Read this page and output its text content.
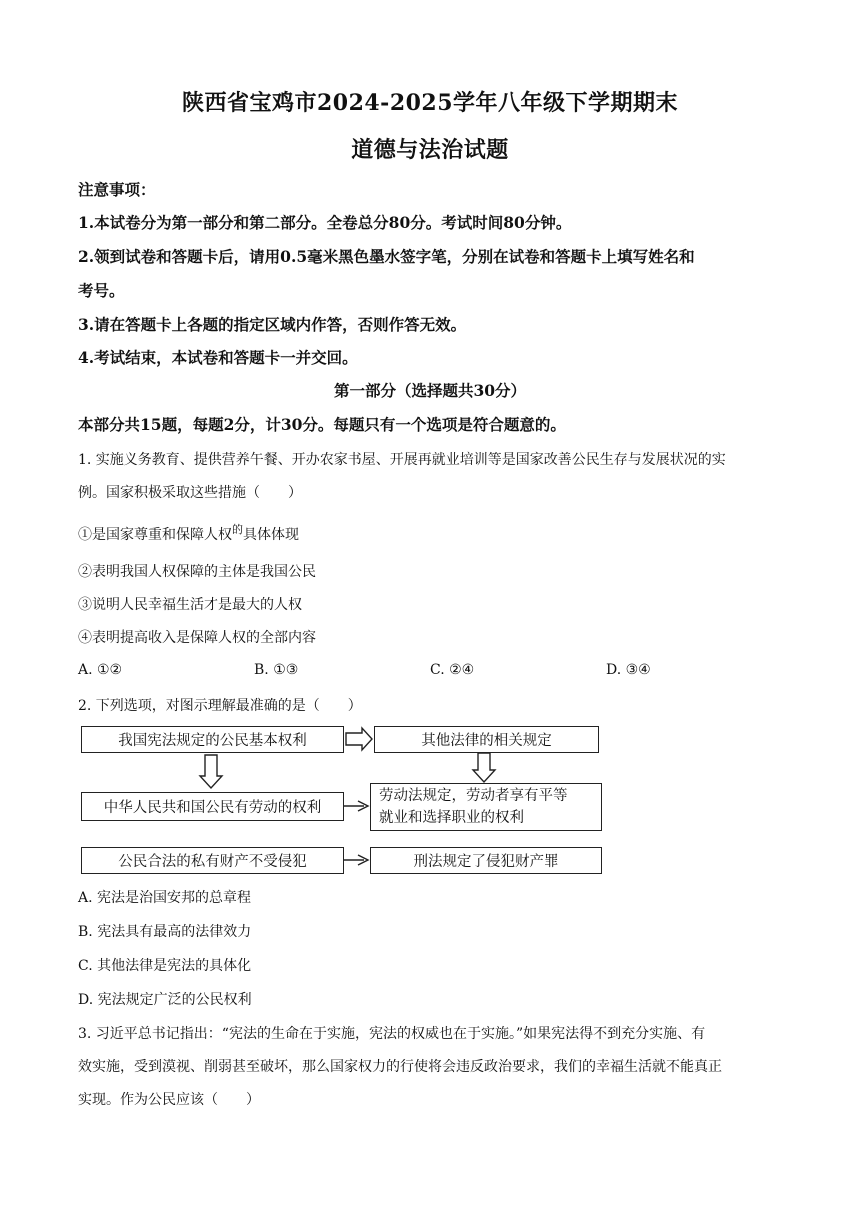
陕西省宝鸡市2024-2025学年八年级下学期期末
道德与法治试题
注意事项：
1.本试卷分为第一部分和第二部分。全卷总分80分。考试时间80分钟。
2.领到试卷和答题卡后，请用0.5毫米黑色墨水签字笔，分别在试卷和答题卡上填写姓名和
考号。
3.请在答题卡上各题的指定区域内作答，否则作答无效。
4.考试结束，本试卷和答题卡一并交回。
第一部分（选择题共30分）
本部分共15题，每题2分，计30分。每题只有一个选项是符合题意的。
1. 实施义务教育、提供营养午餐、开办农家书屋、开展再就业培训等是国家改善公民生存与发展状况的实
例。国家积极采取这些措施（　　）
①是国家尊重和保障人权$^的$具体体现
②表明我国人权保障的主体是我国公民
③说明人民幸福生活才是最大的人权
④表明提高收入是保障人权的全部内容
A. ①②	B. ①③	C. ②④	D. ③④
2. 下列选项，对图示理解最准确的是（　　）
我国宪法规定的公民基本权利	其他法律的相关规定
中华人民共和国公民有劳动的权利
劳动法规定，劳动者享有平等
就业和选择职业的权利
公民合法的私有财产不受侵犯	刑法规定了侵犯财产罪
A. 宪法是治国安邦的总章程
B. 宪法具有最高的法律效力
C. 其他法律是宪法的具体化
D. 宪法规定广泛的公民权利
3. 习近平总书记指出：“宪法的生命在于实施，宪法的权威也在于实施。”如果宪法得不到充分实施、有
效实施，受到漠视、削弱甚至破坏，那么国家权力的行使将会违反政治要求，我们的幸福生活就不能真正
实现。作为公民应该（　　）
